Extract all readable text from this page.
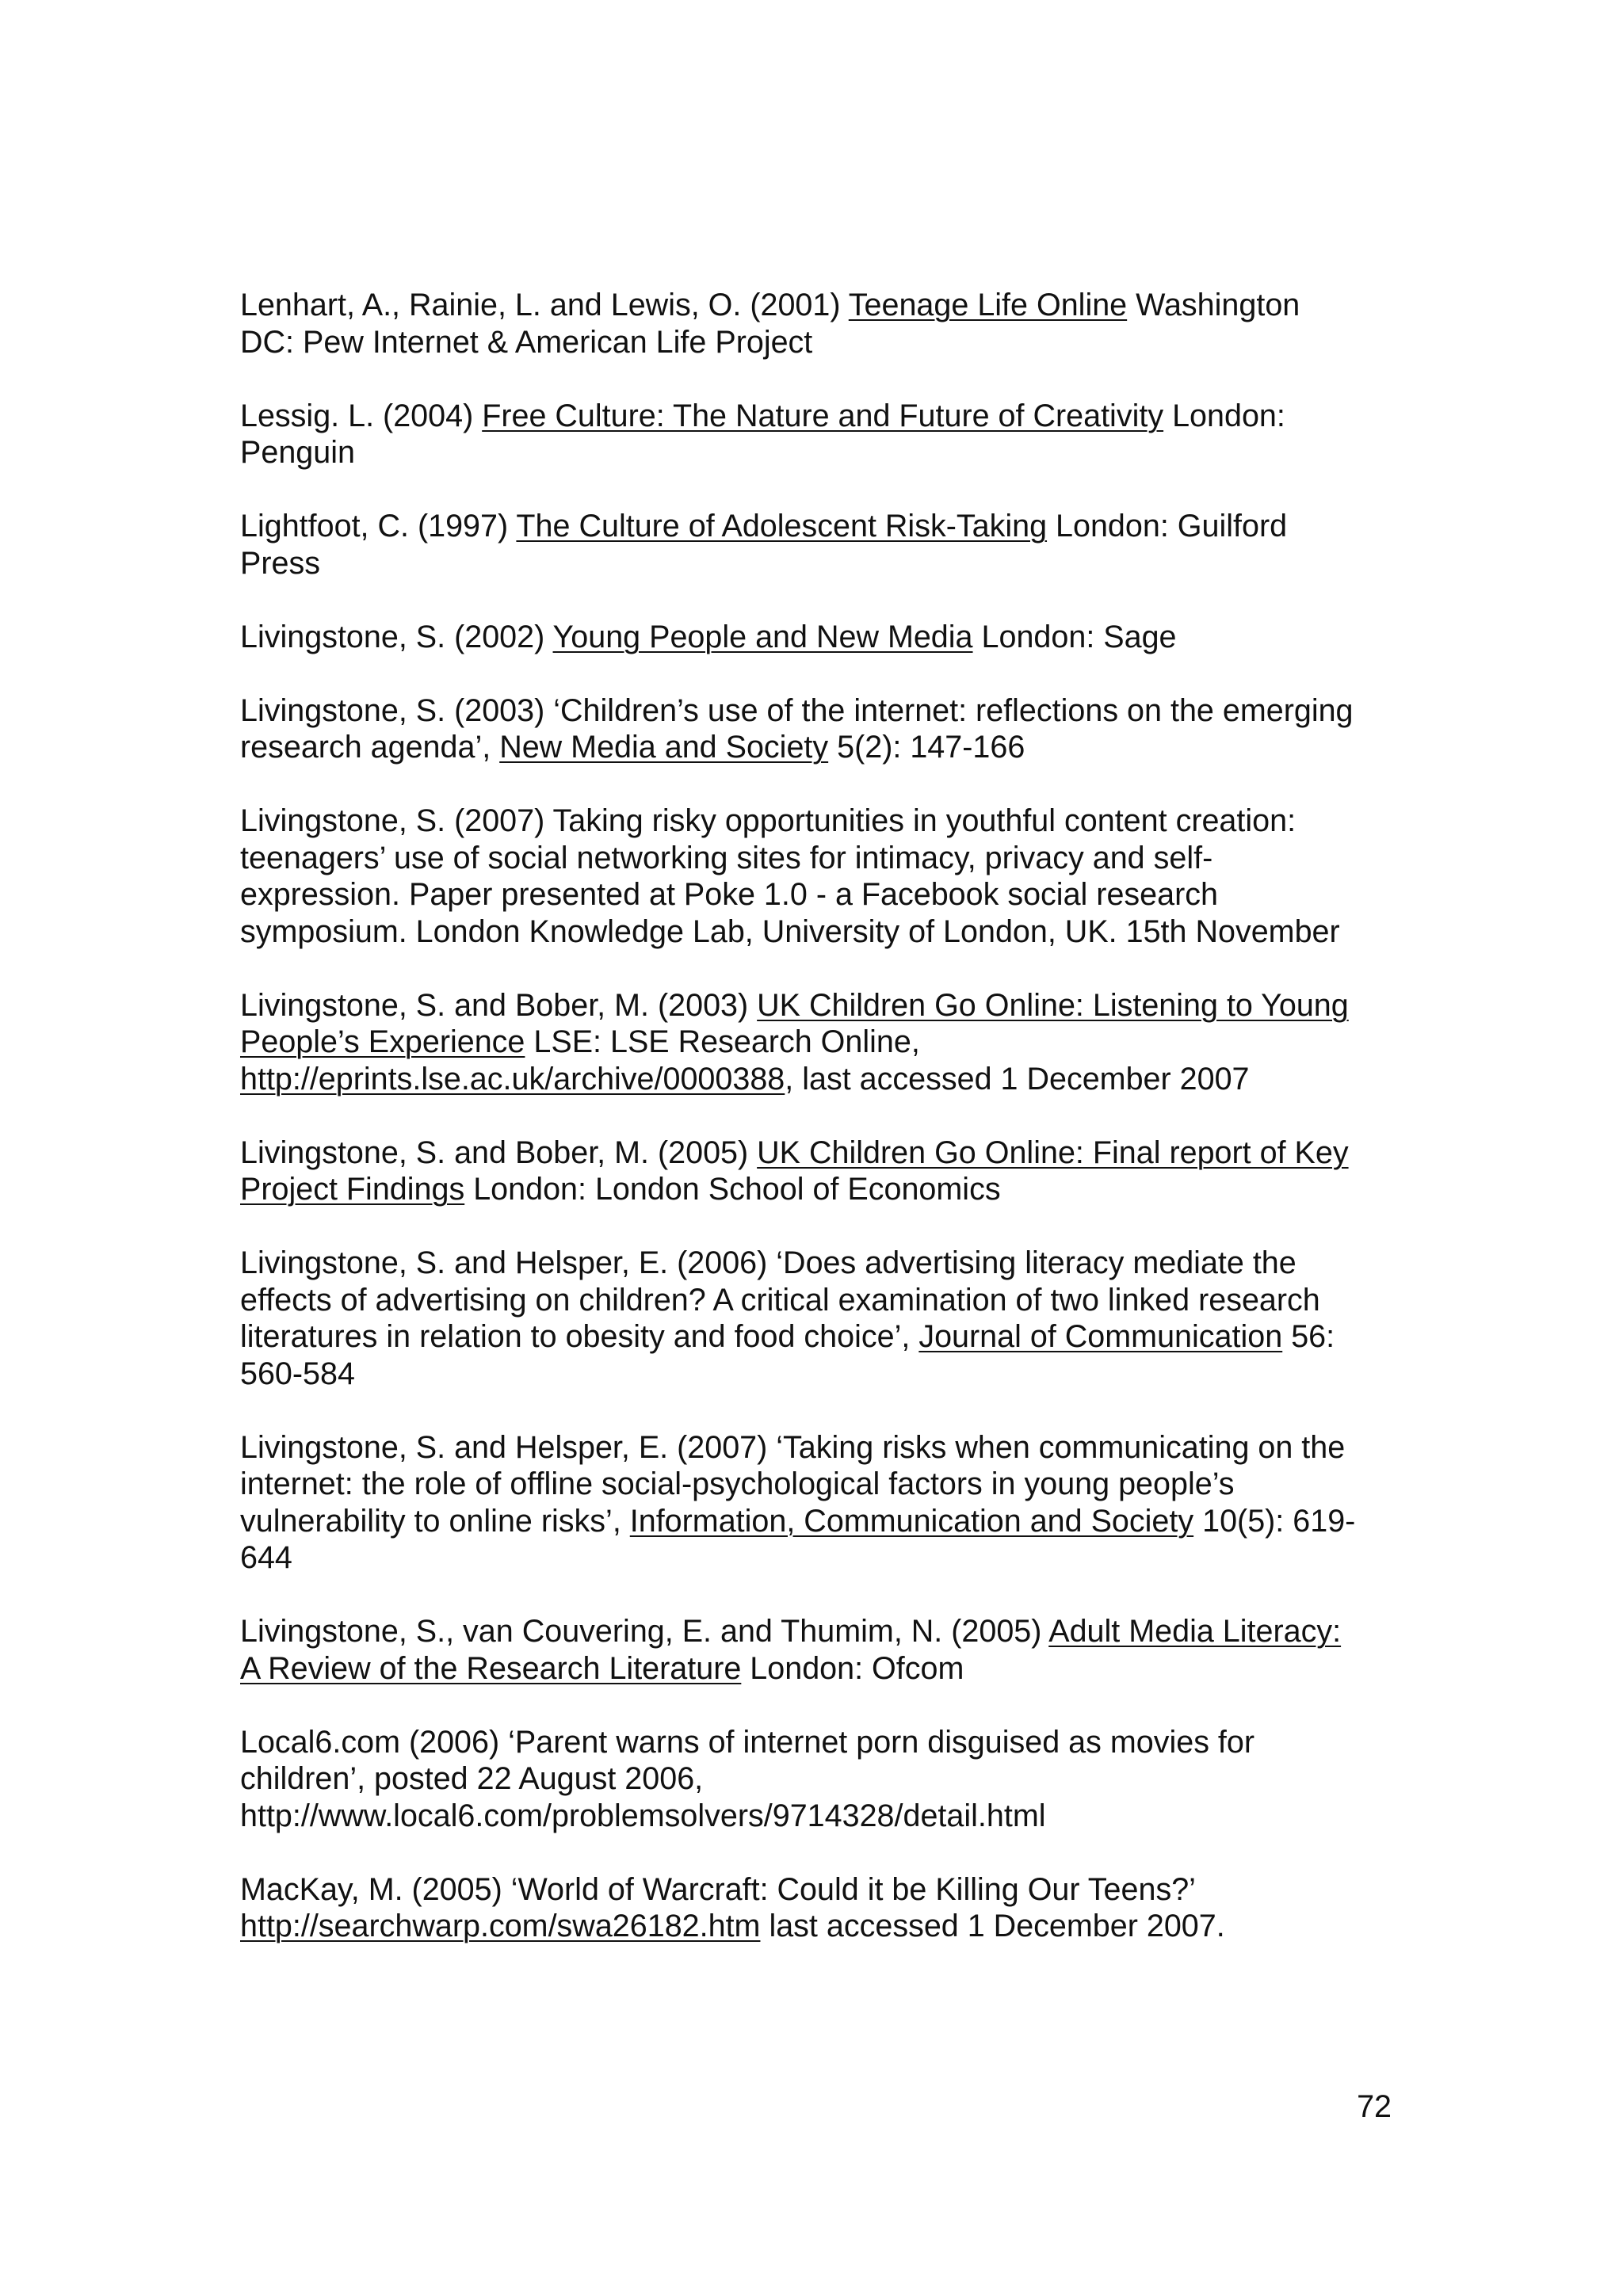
Lenhart, A., Rainie, L. and Lewis, O. (2001) Teenage Life Online Washington
DC: Pew Internet & American Life Project
Lessig. L. (2004) Free Culture: The Nature and Future of Creativity London:
Penguin
Lightfoot, C. (1997) The Culture of Adolescent Risk-Taking London: Guilford
Press
Livingstone, S. (2002) Young People and New Media London: Sage
Livingstone, S. (2003) ‘Children’s use of the internet: reflections on the emerging
research agenda’, New Media and Society 5(2): 147-166
Livingstone, S. (2007) Taking risky opportunities in youthful content creation:
teenagers’ use of social networking sites for intimacy, privacy and self-
expression. Paper presented at Poke 1.0 - a Facebook social research
symposium. London Knowledge Lab, University of London, UK. 15th November
Livingstone, S. and Bober, M. (2003) UK Children Go Online: Listening to Young
People’s Experience LSE: LSE Research Online,
http://eprints.lse.ac.uk/archive/0000388, last accessed 1 December 2007
Livingstone, S. and Bober, M. (2005) UK Children Go Online: Final report of Key
Project Findings London: London School of Economics
Livingstone, S. and Helsper, E. (2006) ‘Does advertising literacy mediate the
effects of advertising on children? A critical examination of two linked research
literatures in relation to obesity and food choice’, Journal of Communication 56:
560-584
Livingstone, S. and Helsper, E. (2007) ‘Taking risks when communicating on the
internet: the role of offline social-psychological factors in young people’s
vulnerability to online risks’, Information, Communication and Society 10(5): 619-
644
Livingstone, S., van Couvering, E. and Thumim, N. (2005) Adult Media Literacy:
A Review of the Research Literature London: Ofcom
Local6.com (2006) ‘Parent warns of internet porn disguised as movies for
children’, posted 22 August 2006,
http://www.local6.com/problemsolvers/9714328/detail.html
MacKay, M. (2005) ‘World of Warcraft: Could it be Killing Our Teens?’
http://searchwarp.com/swa26182.htm last accessed 1 December 2007.
72
